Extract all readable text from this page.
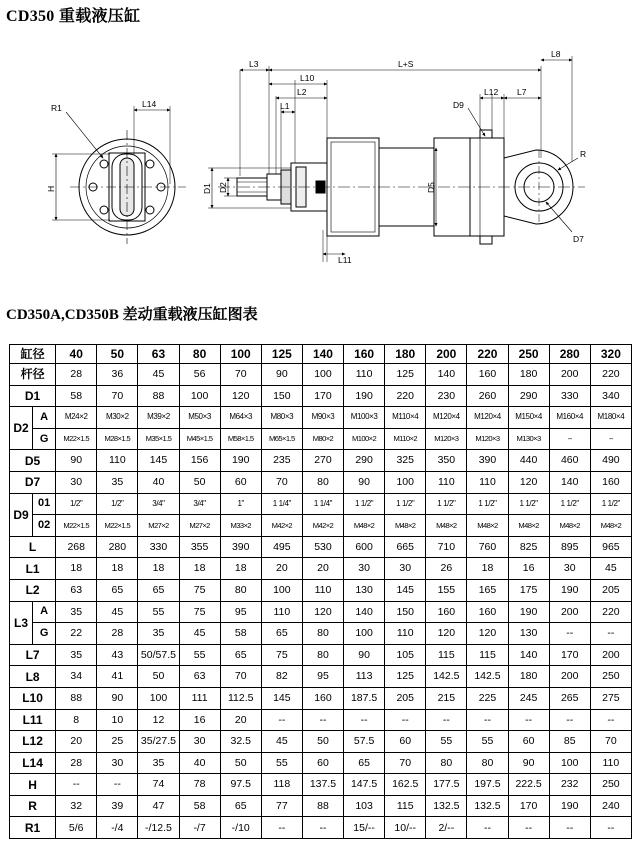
CD350 重载液压缸
R1	L14
H
L3	L+S
L8
L10
L2
L1	D9
L12 L7
R
D1 D2	D5
L11
D7
CD350A,CD350B 差动重载液压缸图表
缸径		40	50	63	80	100	125	140	160	180	200	220	250	280	320
杆径		28	36	45	56	70	90	100	110	125	140	160	180	200	220
D1		58	70	88	100	120	150	170	190	220	230	260	290	330	340
D2	A	M24×2	M30×2	M39×2	M50×3	M64×3	M80×3	M90×3	M100×3	M110×4	M120×4	M120×4	M150×4	M160×4	M180×4
	G	M22×1.5	M28×1.5	M35×1.5	M45×1.5	M58×1.5	M65×1.5	M80×2	M100×2	M110×2	M120×3	M120×3	M130×3	--	--
D5		90	110	145	156	190	235	270	290	325	350	390	440	460	490
D7		30	35	40	50	60	70	80	90	100	110	110	120	140	160
D9	01	1/2"	1/2"	3/4"	3/4"	1"	1 1/4"	1 1/4"	1 1/2"	1 1/2"	1 1/2"	1 1/2"	1 1/2"	1 1/2"	1 1/2"
	02	M22×1.5	M22×1.5	M27×2	M27×2	M33×2	M42×2	M42×2	M48×2	M48×2	M48×2	M48×2	M48×2	M48×2	M48×2
L		268	280	330	355	390	495	530	600	665	710	760	825	895	965
L1		18	18	18	18	18	20	20	30	30	26	18	16	30	45
L2		63	65	65	75	80	100	110	130	145	155	165	175	190	205
L3	A	35	45	55	75	95	110	120	140	150	160	160	190	200	220
	G	22	28	35	45	58	65	80	100	110	120	120	130	--	--
L7		35	43	50/57.5	55	65	75	80	90	105	115	115	140	170	200
L8		34	41	50	63	70	82	95	113	125	142.5	142.5	180	200	250
L10		88	90	100	111	112.5	145	160	187.5	205	215	225	245	265	275
L11		8	10	12	16	20	--	--	--	--	--	--	--	--	--
L12		20	25	35/27.5	30	32.5	45	50	57.5	60	55	55	60	85	70
L14		28	30	35	40	50	55	60	65	70	80	80	90	100	110
H		--	--	74	78	97.5	118	137.5	147.5	162.5	177.5	197.5	222.5	232	250
R		32	39	47	58	65	77	88	103	115	132.5	132.5	170	190	240
R1		5/6	-/4	-/12.5	-/7	-/10	--	--	15/--	10/--	2/--	--	--	--	--
